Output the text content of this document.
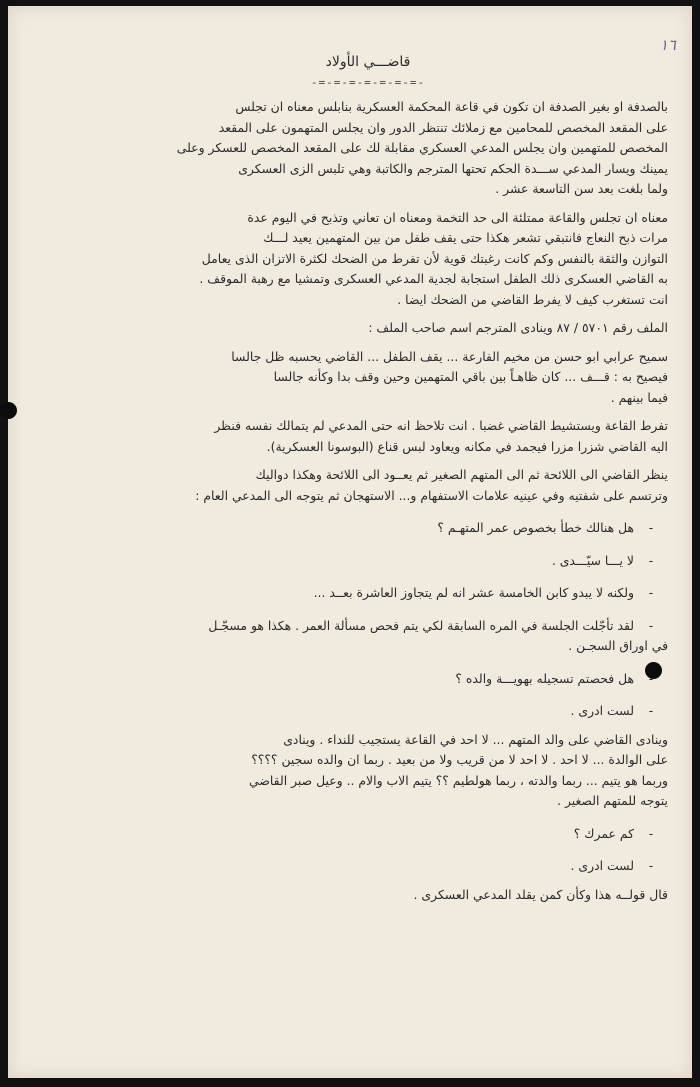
١٦
قاضـــي الأولاد
-=-=-=-=-=-=-=-
بالصدفة او بغير الصدفة ان تكون في قاعة المحكمة العسكرية بنابلس معناه ان تجلس
على المقعد المخصص للمحامين مع زملائك تنتظر الدور وان يجلس المتهمون على المقعد
المخصص للمتهمين وان يجلس المدعي العسكري مقابلة لك على المقعد المخصص للعسكر وعلى
يمينك ويسار المدعي ســـدة الحكم تحتها المترجم والكاتبة وهي تلبس الزى العسكرى
ولما بلغت بعد سن التاسعة عشر .
معناه ان تجلس والقاعة ممتلئة الى حد التخمة ومعناه ان تعاني وتذبح في اليوم عدة
مرات ذبح النعاج فانتبقي تشعر هكذا حتى يقف طفل من بين المتهمين يعيد لـــك
التوازن والثقة بالنفس وكم كانت رغبتك قوية لأن تفرط من الضحك لكثرة الاتزان الذى يعامل
به القاضي العسكرى ذلك الطفل استجابة لجدية المدعي العسكرى وتمشيا مع رهبة الموقف .
انت تستغرب كيف لا يفرط القاضي من الضحك ايضا .
الملف رقم ٥٧٠١ / ٨٧ وينادى المترجم اسم صاحب الملف :
سميح عرابي ابو حسن من مخيم الفارعة ... يقف الطفل ... القاضي يحسبه ظل جالسا
فيصيح به : قـــف ... كان ظاهـاً بين باقي المتهمين وحين وقف بدا وكأنه جالسا
فيما بينهم .
تفرط القاعة ويستشيط القاضي غضبا . انت تلاحظ انه حتى المدعي لم يتمالك نفسه فنظر
اليه القاضي شزرا مزرا فيجمد في مكانه ويعاود لبس قناع (البوسونا العسكرية).
ينظر القاضي الى اللائحة ثم الى المتهم الصغير ثم يعــود الى اللائحة وهكذا دواليك
وترتسم على شفتيه وفي عينيه علامات الاستفهام و... الاستهجان ثم يتوجه الى المدعي العام :
-هل هنالك خطأ بخصوص عمر المتهـم ؟
-لا يـــا سيّـــدى .
-ولكنه لا يبدو كابن الخامسة عشر انه لم يتجاوز العاشرة بعــد ...
-لقد تأجّلت الجلسة في المره السابقة لكي يتم فحص مسألة العمر . هكذا هو مسجّـل
في اوراق السجـن .
-هل فحصتم تسجيله بهويـــة والده ؟
-لست ادرى .
وينادى القاضي على والد المتهم ... لا احد في القاعة يستجيب للنداء . وينادى
على الوالدة ... لا احد . لا احد لا من قريب ولا من بعيد . ربما ان والده سجين ؟؟؟؟
وربما هو يتيم ... ربما والدته ، ربما هولطيم ؟؟ يتيم الاب والام .. وعيل صبر القاضي
يتوجه للمتهم الصغير .
-كم عمرك ؟
-لست ادرى .
قال قولــه هذا وكأن كمن يقلد المدعي العسكرى .
